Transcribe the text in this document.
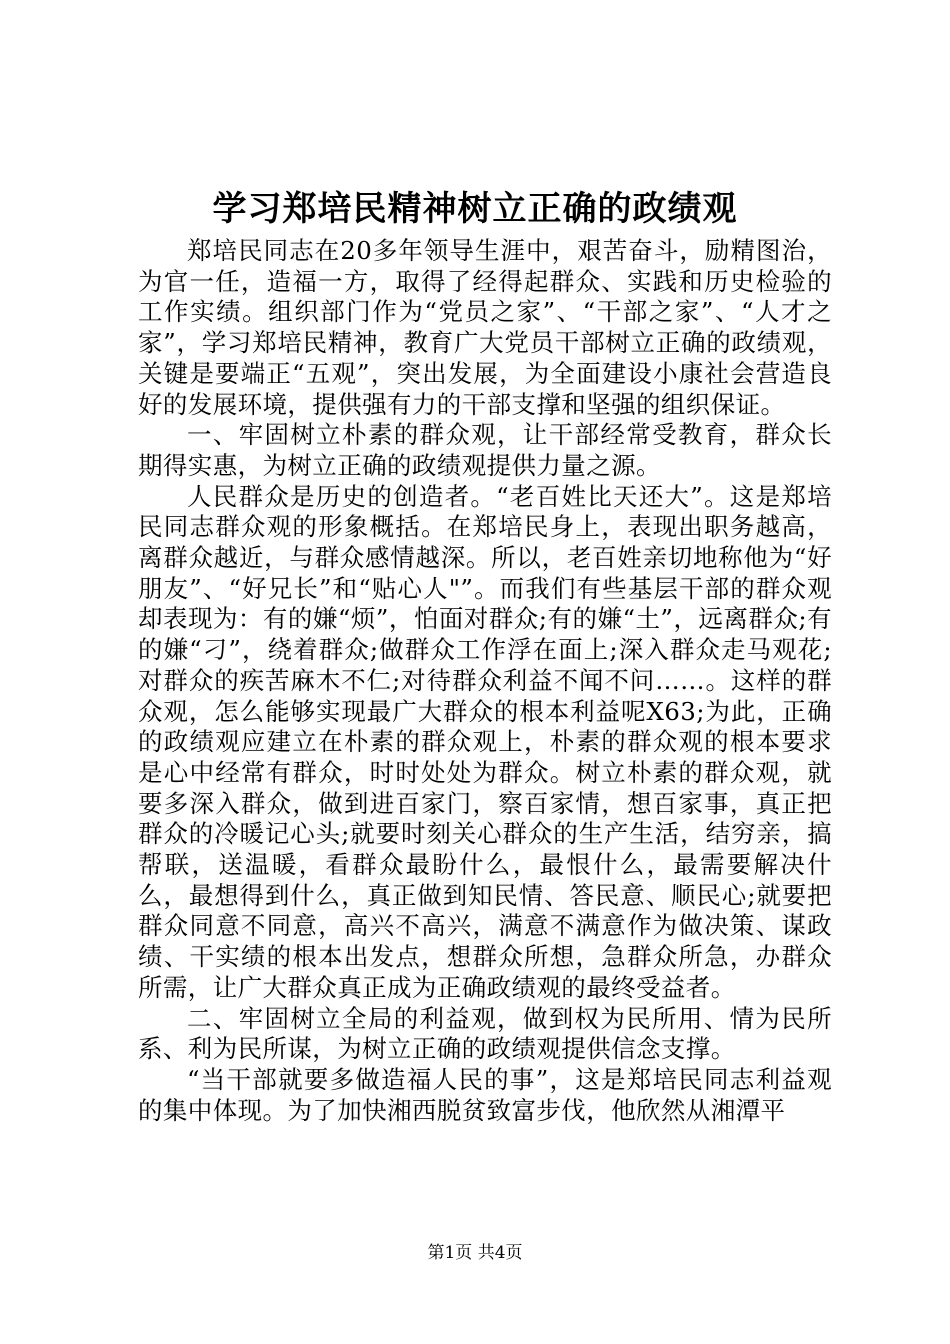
学习郑培民精神树立正确的政绩观

郑培民同志在20多年领导生涯中，艰苦奋斗，励精图治，为官一任，造福一方，取得了经得起群众、实践和历史检验的工作实绩。组织部门作为“党员之家”、“干部之家”、“人才之家”，学习郑培民精神，教育广大党员干部树立正确的政绩观，关键是要端正“五观”，突出发展，为全面建设小康社会营造良好的发展环境，提供强有力的干部支撑和坚强的组织保证。

一、牢固树立朴素的群众观，让干部经常受教育，群众长期得实惠，为树立正确的政绩观提供力量之源。

人民群众是历史的创造者。“老百姓比天还大”。这是郑培民同志群众观的形象概括。在郑培民身上，表现出职务越高，离群众越近，与群众感情越深。所以，老百姓亲切地称他为“好朋友”、“好兄长”和“贴心人"”。而我们有些基层干部的群众观却表现为：有的嫌“烦”，怕面对群众;有的嫌“土”，远离群众;有的嫌“刁”，绕着群众;做群众工作浮在面上;深入群众走马观花;对群众的疾苦麻木不仁;对待群众利益不闻不问……。这样的群众观，怎么能够实现最广大群众的根本利益呢X63;为此，正确的政绩观应建立在朴素的群众观上，朴素的群众观的根本要求是心中经常有群众，时时处处为群众。树立朴素的群众观，就要多深入群众，做到进百家门，察百家情，想百家事，真正把群众的冷暖记心头;就要时刻关心群众的生产生活，结穷亲，搞帮联，送温暖，看群众最盼什么，最恨什么，最需要解决什么，最想得到什么，真正做到知民情、答民意、顺民心;就要把群众同意不同意，高兴不高兴，满意不满意作为做决策、谋政绩、干实绩的根本出发点，想群众所想，急群众所急，办群众所需，让广大群众真正成为正确政绩观的最终受益者。

二、牢固树立全局的利益观，做到权为民所用、情为民所系、利为民所谋，为树立正确的政绩观提供信念支撑。

“当干部就要多做造福人民的事”，这是郑培民同志利益观的集中体现。为了加快湘西脱贫致富步伐，他欣然从湘潭平

第1页 共4页
